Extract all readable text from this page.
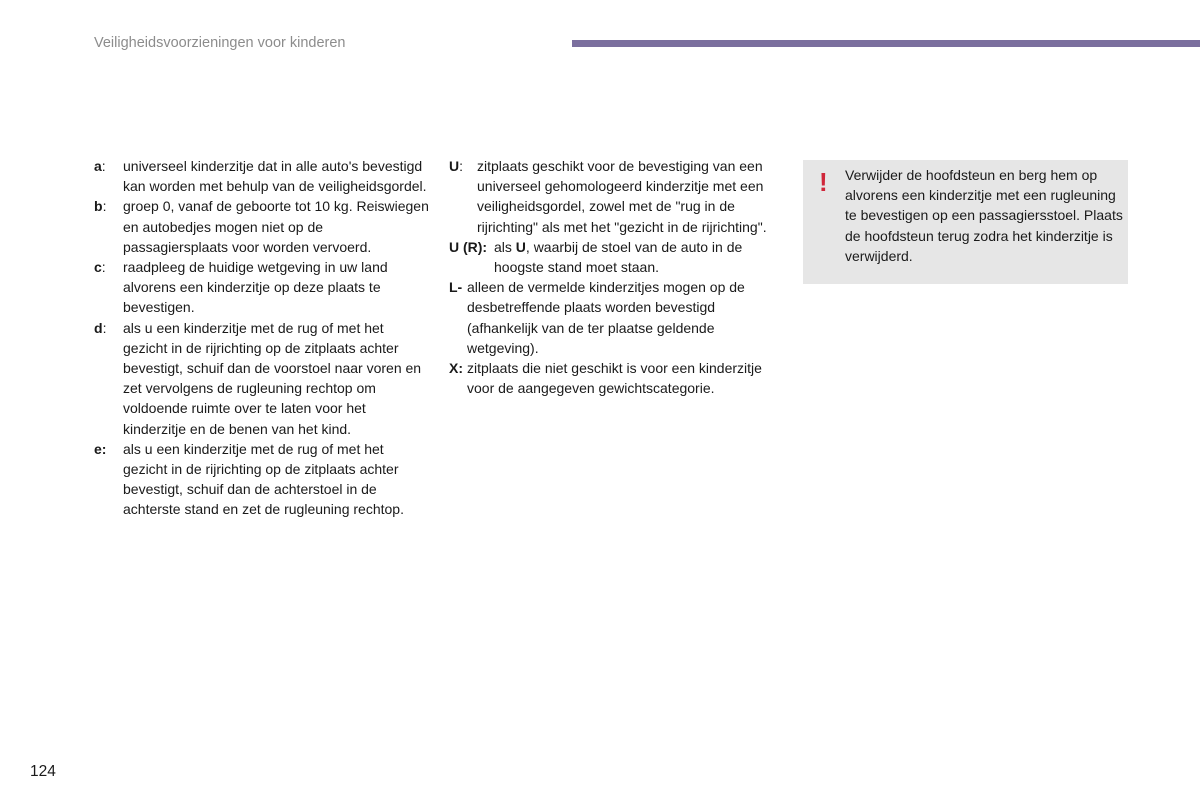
Veiligheidsvoorzieningen voor kinderen
a:	universeel kinderzitje dat in alle auto's bevestigd kan worden met behulp van de veiligheidsgordel.
b:	groep 0, vanaf de geboorte tot 10 kg. Reiswiegen en autobedjes mogen niet op de passagiersplaats voor worden vervoerd.
c:	raadpleeg de huidige wetgeving in uw land alvorens een kinderzitje op deze plaats te bevestigen.
d:	als u een kinderzitje met de rug of met het gezicht in de rijrichting op de zitplaats achter bevestigt, schuif dan de voorstoel naar voren en zet vervolgens de rugleuning rechtop om voldoende ruimte over te laten voor het kinderzitje en de benen van het kind.
e:	als u een kinderzitje met de rug of met het gezicht in de rijrichting op de zitplaats achter bevestigt, schuif dan de achterstoel in de achterste stand en zet de rugleuning rechtop.
U: zitplaats geschikt voor de bevestiging van een universeel gehomologeerd kinderzitje met een veiligheidsgordel, zowel met de "rug in de rijrichting" als met het "gezicht in de rijrichting".
U (R): als U, waarbij de stoel van de auto in de hoogste stand moet staan.
L- alleen de vermelde kinderzitjes mogen op de desbetreffende plaats worden bevestigd (afhankelijk van de ter plaatse geldende wetgeving).
X: zitplaats die niet geschikt is voor een kinderzitje voor de aangegeven gewichtscategorie.
! Verwijder de hoofdsteun en berg hem op alvorens een kinderzitje met een rugleuning te bevestigen op een passagiersstoel. Plaats de hoofdsteun terug zodra het kinderzitje is verwijderd.
124
